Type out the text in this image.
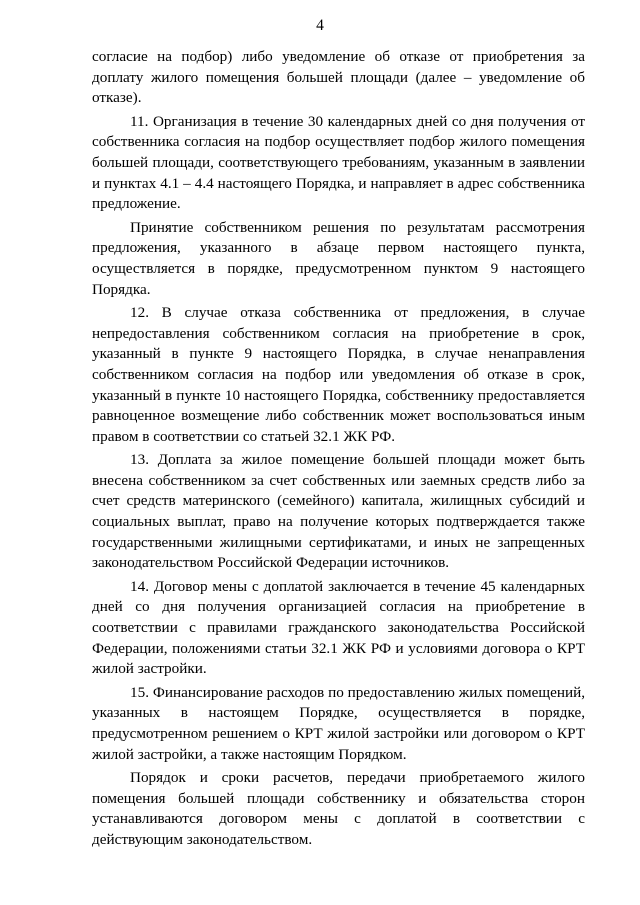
4

согласие на подбор) либо уведомление об отказе от приобретения за доплату жилого помещения большей площади (далее – уведомление об отказе).

11. Организация в течение 30 календарных дней со дня получения от собственника согласия на подбор осуществляет подбор жилого помещения большей площади, соответствующего требованиям, указанным в заявлении и пунктах 4.1 – 4.4 настоящего Порядка, и направляет в адрес собственника предложение.

Принятие собственником решения по результатам рассмотрения предложения, указанного в абзаце первом настоящего пункта, осуществляется в порядке, предусмотренном пунктом 9 настоящего Порядка.

12. В случае отказа собственника от предложения, в случае непредоставления собственником согласия на приобретение в срок, указанный в пункте 9 настоящего Порядка, в случае ненаправления собственником согласия на подбор или уведомления об отказе в срок, указанный в пункте 10 настоящего Порядка, собственнику предоставляется равноценное возмещение либо собственник может воспользоваться иным правом в соответствии со статьей 32.1 ЖК РФ.

13. Доплата за жилое помещение большей площади может быть внесена собственником за счет собственных или заемных средств либо за счет средств материнского (семейного) капитала, жилищных субсидий и социальных выплат, право на получение которых подтверждается также государственными жилищными сертификатами, и иных не запрещенных законодательством Российской Федерации источников.

14. Договор мены с доплатой заключается в течение 45 календарных дней со дня получения организацией согласия на приобретение в соответствии с правилами гражданского законодательства Российской Федерации, положениями статьи 32.1 ЖК РФ и условиями договора о КРТ жилой застройки.

15. Финансирование расходов по предоставлению жилых помещений, указанных в настоящем Порядке, осуществляется в порядке, предусмотренном решением о КРТ жилой застройки или договором о КРТ жилой застройки, а также настоящим Порядком.

Порядок и сроки расчетов, передачи приобретаемого жилого помещения большей площади собственнику и обязательства сторон устанавливаются договором мены с доплатой в соответствии с действующим законодательством.
